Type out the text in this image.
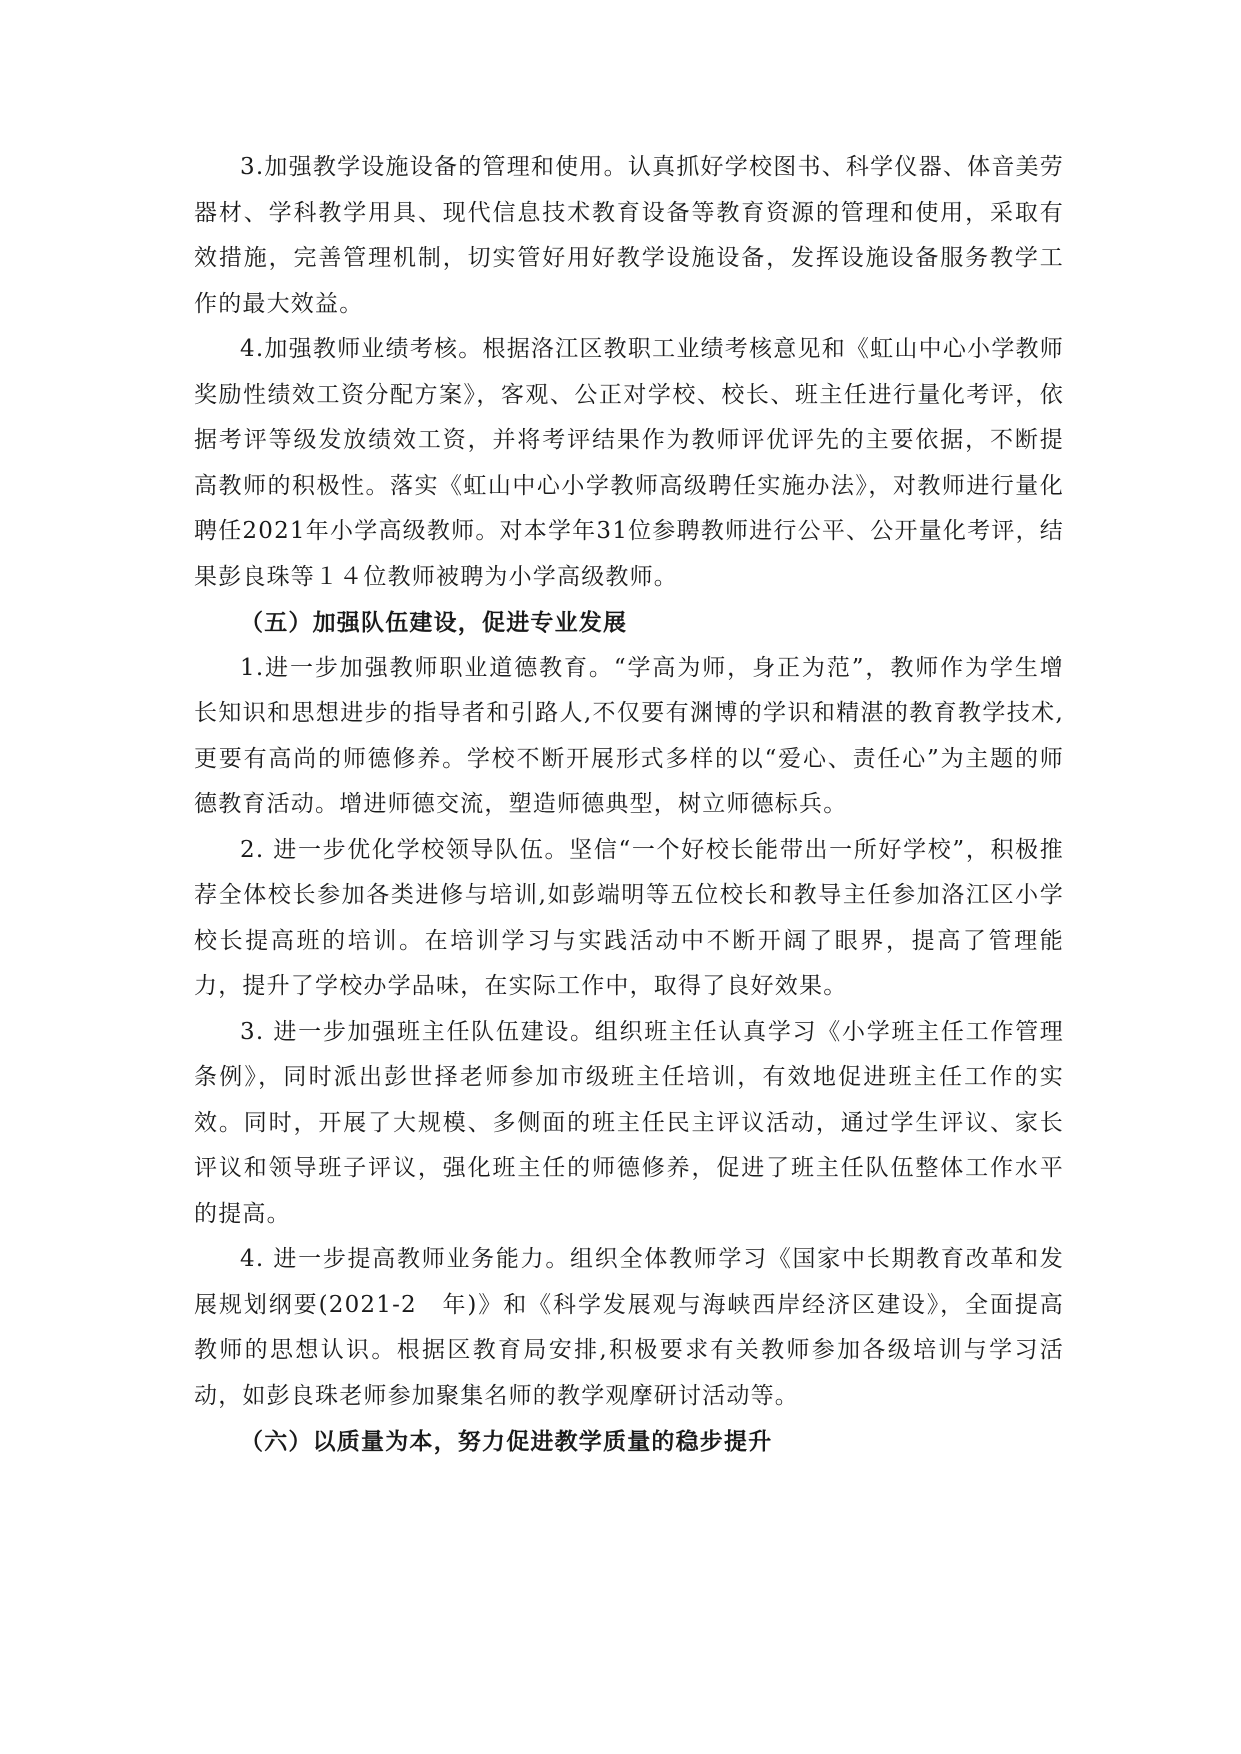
3.加强教学设施设备的管理和使用。认真抓好学校图书、科学仪器、体音美劳器材、学科教学用具、现代信息技术教育设备等教育资源的管理和使用，采取有效措施，完善管理机制，切实管好用好教学设施设备，发挥设施设备服务教学工作的最大效益。

4.加强教师业绩考核。根据洛江区教职工业绩考核意见和《虹山中心小学教师奖励性绩效工资分配方案》，客观、公正对学校、校长、班主任进行量化考评，依据考评等级发放绩效工资，并将考评结果作为教师评优评先的主要依据，不断提高教师的积极性。落实《虹山中心小学教师高级聘任实施办法》，对教师进行量化聘任2021年小学高级教师。对本学年31位参聘教师进行公平、公开量化考评，结果彭良珠等１４位教师被聘为小学高级教师。

（五）加强队伍建设，促进专业发展

1.进一步加强教师职业道德教育。“学高为师，身正为范”，教师作为学生增长知识和思想进步的指导者和引路人,不仅要有渊博的学识和精湛的教育教学技术,更要有高尚的师德修养。学校不断开展形式多样的以“爱心、责任心”为主题的师德教育活动。增进师德交流，塑造师德典型，树立师德标兵。

2. 进一步优化学校领导队伍。坚信“一个好校长能带出一所好学校”，积极推荐全体校长参加各类进修与培训,如彭端明等五位校长和教导主任参加洛江区小学校长提高班的培训。在培训学习与实践活动中不断开阔了眼界，提高了管理能力，提升了学校办学品味，在实际工作中，取得了良好效果。

3. 进一步加强班主任队伍建设。组织班主任认真学习《小学班主任工作管理条例》，同时派出彭世择老师参加市级班主任培训，有效地促进班主任工作的实效。同时，开展了大规模、多侧面的班主任民主评议活动，通过学生评议、家长评议和领导班子评议，强化班主任的师德修养，促进了班主任队伍整体工作水平的提高。

4. 进一步提高教师业务能力。组织全体教师学习《国家中长期教育改革和发展规划纲要(2021-2　年)》和《科学发展观与海峡西岸经济区建设》，全面提高教师的思想认识。根据区教育局安排,积极要求有关教师参加各级培训与学习活动，如彭良珠老师参加聚集名师的教学观摩研讨活动等。

（六）以质量为本，努力促进教学质量的稳步提升
